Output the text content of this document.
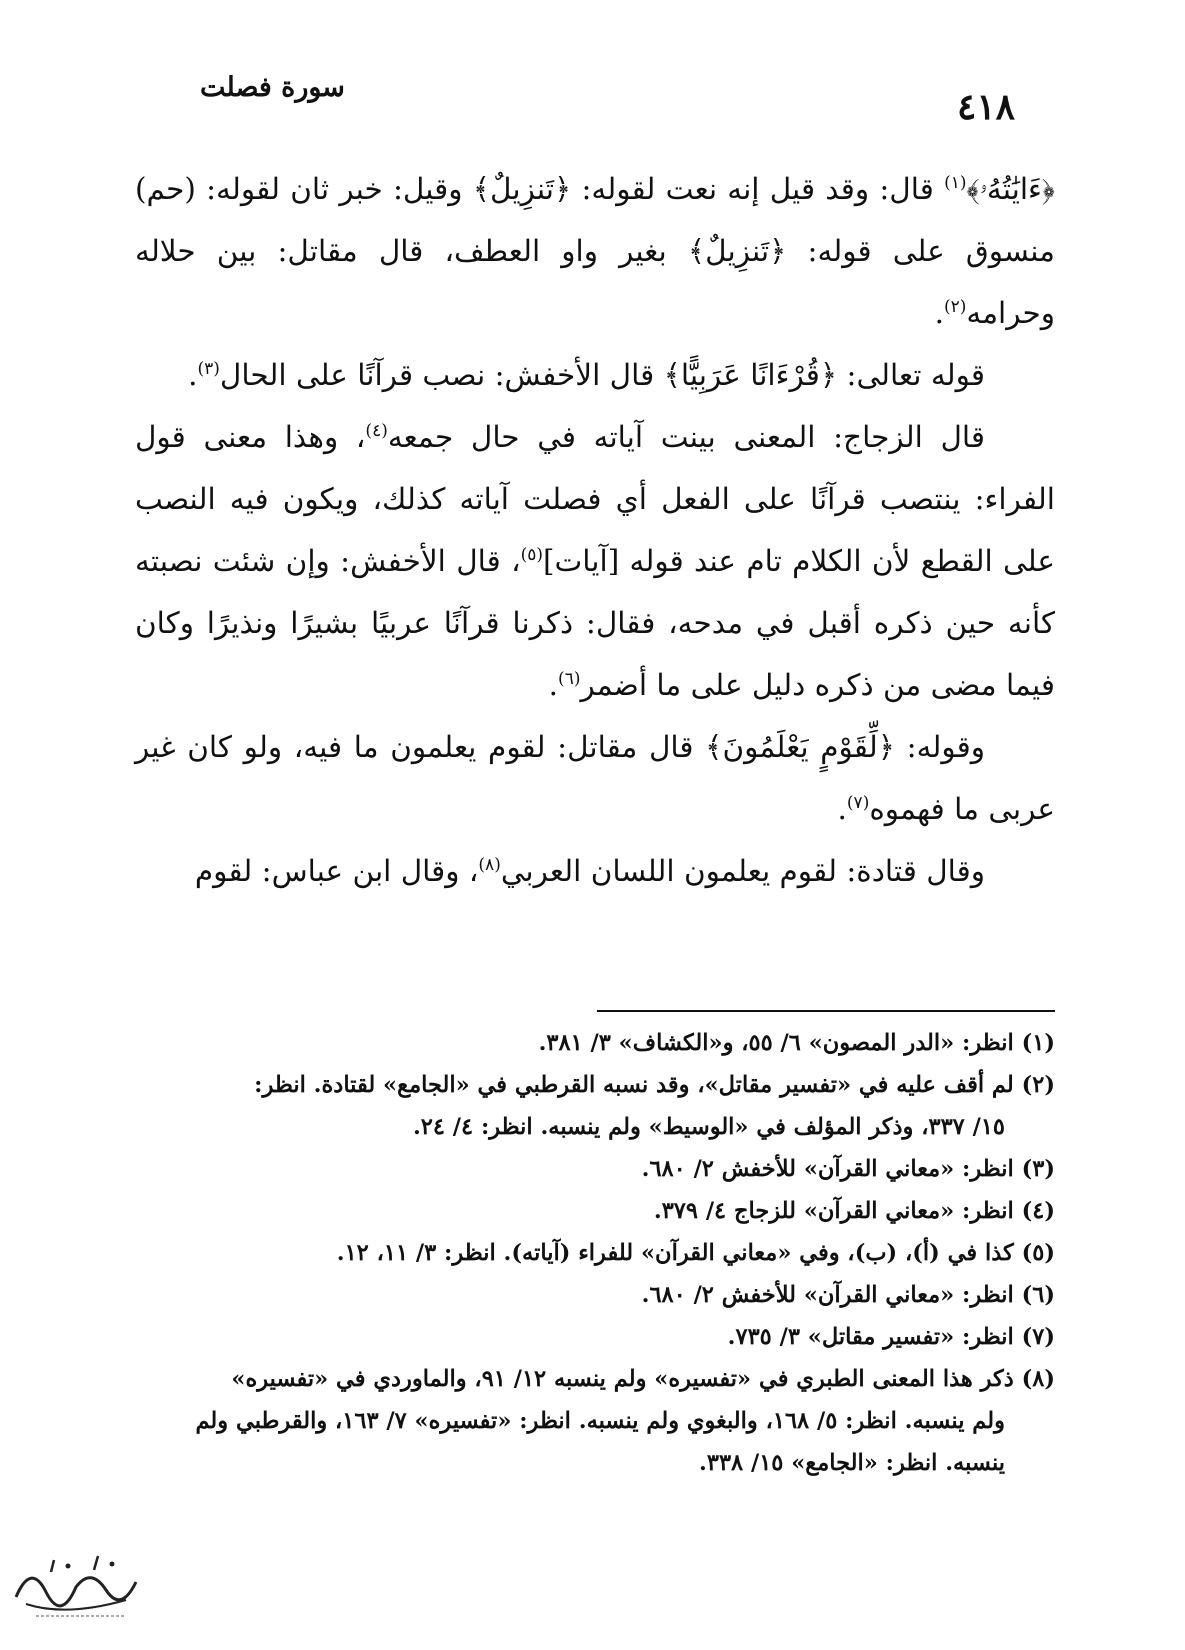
٤١٨
سورة فصلت

﴿ءَايَٰتُهُۥ﴾$^{(١)}$ قال: وقد قيل إنه نعت لقوله: ﴿تَنزِيلٌ﴾ وقيل: خبر ثان لقوله: (حم) منسوق على قوله: ﴿تَنزِيلٌ﴾ بغير واو العطف، قال مقاتل: بين حلاله وحرامه$^{(٢)}$.

قوله تعالى: ﴿قُرْءَانًا عَرَبِيًّا﴾ قال الأخفش: نصب قرآنًا على الحال$^{(٣)}$.

قال الزجاج: المعنى بينت آياته في حال جمعه$^{(٤)}$، وهذا معنى قول الفراء: ينتصب قرآنًا على الفعل أي فصلت آياته كذلك، ويكون فيه النصب على القطع لأن الكلام تام عند قوله [آيات]$^{(٥)}$، قال الأخفش: وإن شئت نصبته كأنه حين ذكره أقبل في مدحه، فقال: ذكرنا قرآنًا عربيًا بشيرًا ونذيرًا وكان فيما مضى من ذكره دليل على ما أضمر$^{(٦)}$.

وقوله: ﴿لِّقَوْمٍ يَعْلَمُونَ﴾ قال مقاتل: لقوم يعلمون ما فيه، ولو كان غير عربى ما فهموه$^{(٧)}$.

وقال قتادة: لقوم يعلمون اللسان العربي$^{(٨)}$، وقال ابن عباس: لقوم

(١) انظر: «الدر المصون» ٦/ ٥٥، و«الكشاف» ٣/ ٣٨١.

(٢) لم أقف عليه في «تفسير مقاتل»، وقد نسبه القرطبي في «الجامع» لقتادة. انظر:
١٥/ ٣٣٧، وذكر المؤلف في «الوسيط» ولم ينسبه. انظر: ٤/ ٢٤.

(٣) انظر: «معاني القرآن» للأخفش ٢/ ٦٨٠.

(٤) انظر: «معاني القرآن» للزجاج ٤/ ٣٧٩.

(٥) كذا في (أ)، (ب)، وفي «معاني القرآن» للفراء (آياته). انظر: ٣/ ١١، ١٢.

(٦) انظر: «معاني القرآن» للأخفش ٢/ ٦٨٠.

(٧) انظر: «تفسير مقاتل» ٣/ ٧٣٥.

(٨) ذكر هذا المعنى الطبري في «تفسيره» ولم ينسبه ١٢/ ٩١، والماوردي في «تفسيره»
ولم ينسبه. انظر: ٥/ ١٦٨، والبغوي ولم ينسبه. انظر: «تفسيره» ٧/ ١٦٣، والقرطبي ولم ينسبه. انظر: «الجامع» ١٥/ ٣٣٨.
